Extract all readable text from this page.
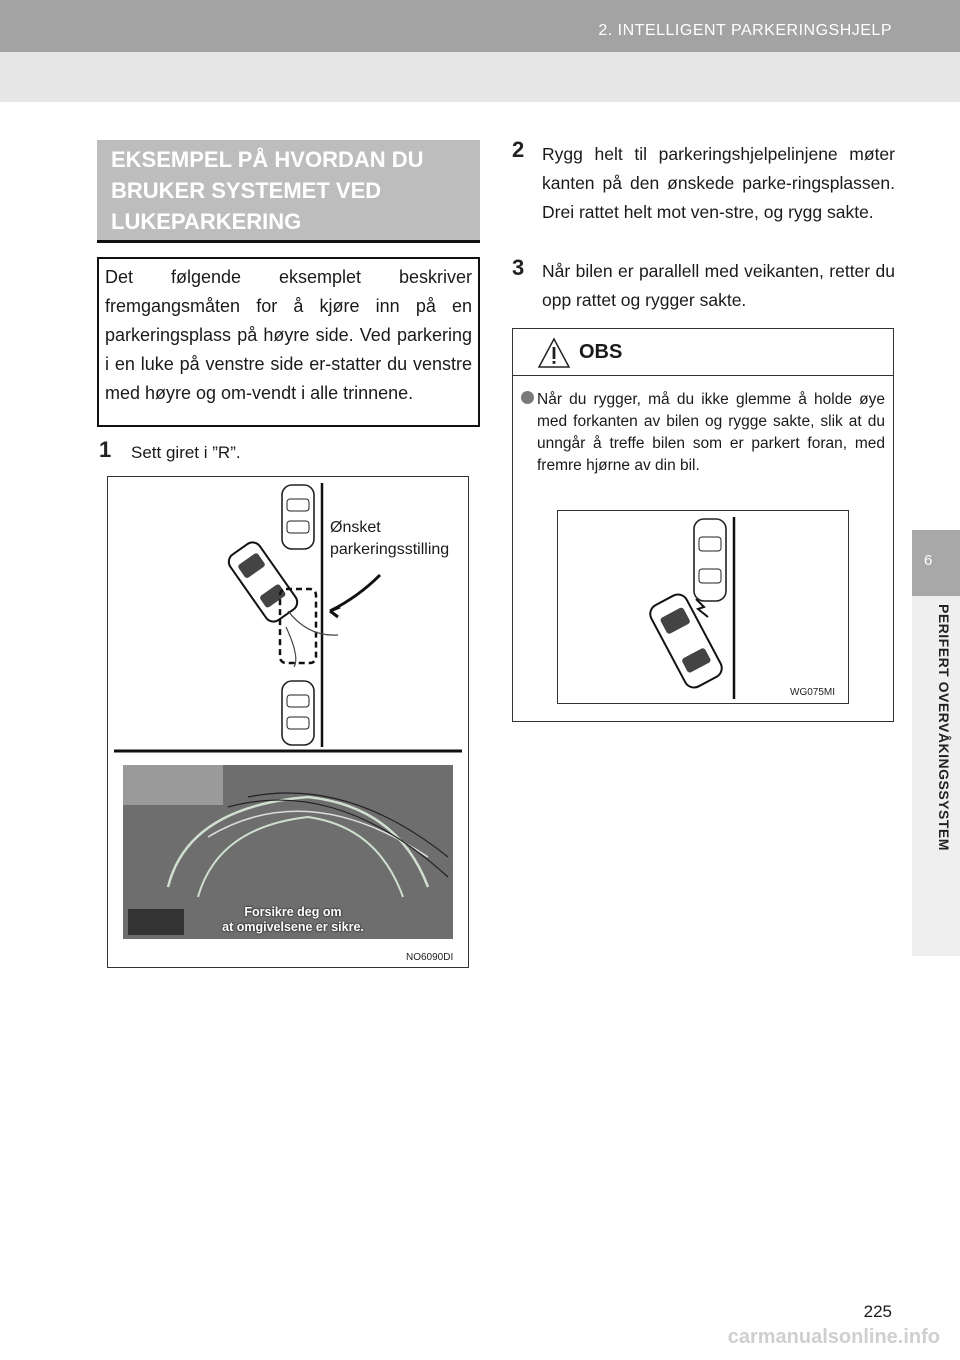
2. INTELLIGENT PARKERINGSHJELP
6
PERIFERT OVERVÅKINGSSYSTEM
EKSEMPEL PÅ HVORDAN DU BRUKER SYSTEMET VED LUKEPARKERING
Det følgende eksemplet beskriver fremgangsmåten for å kjøre inn på en parkeringsplass på høyre side. Ved parkering i en luke på venstre side er-statter du venstre med høyre og om-vendt i alle trinnene.
1 Sett giret i ”R”.
Ønsket
parkeringsstilling
Forsikre deg om
at omgivelsene er sikre.
NO6090DI
2 Rygg helt til parkeringshjelpelinjene møter kanten på den ønskede parke-ringsplassen. Drei rattet helt mot ven-stre, og rygg sakte.
3 Når bilen er parallell med veikanten, retter du opp rattet og rygger sakte.
OBS
Når du rygger, må du ikke glemme å holde øye med forkanten av bilen og rygge sakte, slik at du unngår å treffe bilen som er parkert foran, med fremre hjørne av din bil.
WG075MI
225
carmanualsonline.info
